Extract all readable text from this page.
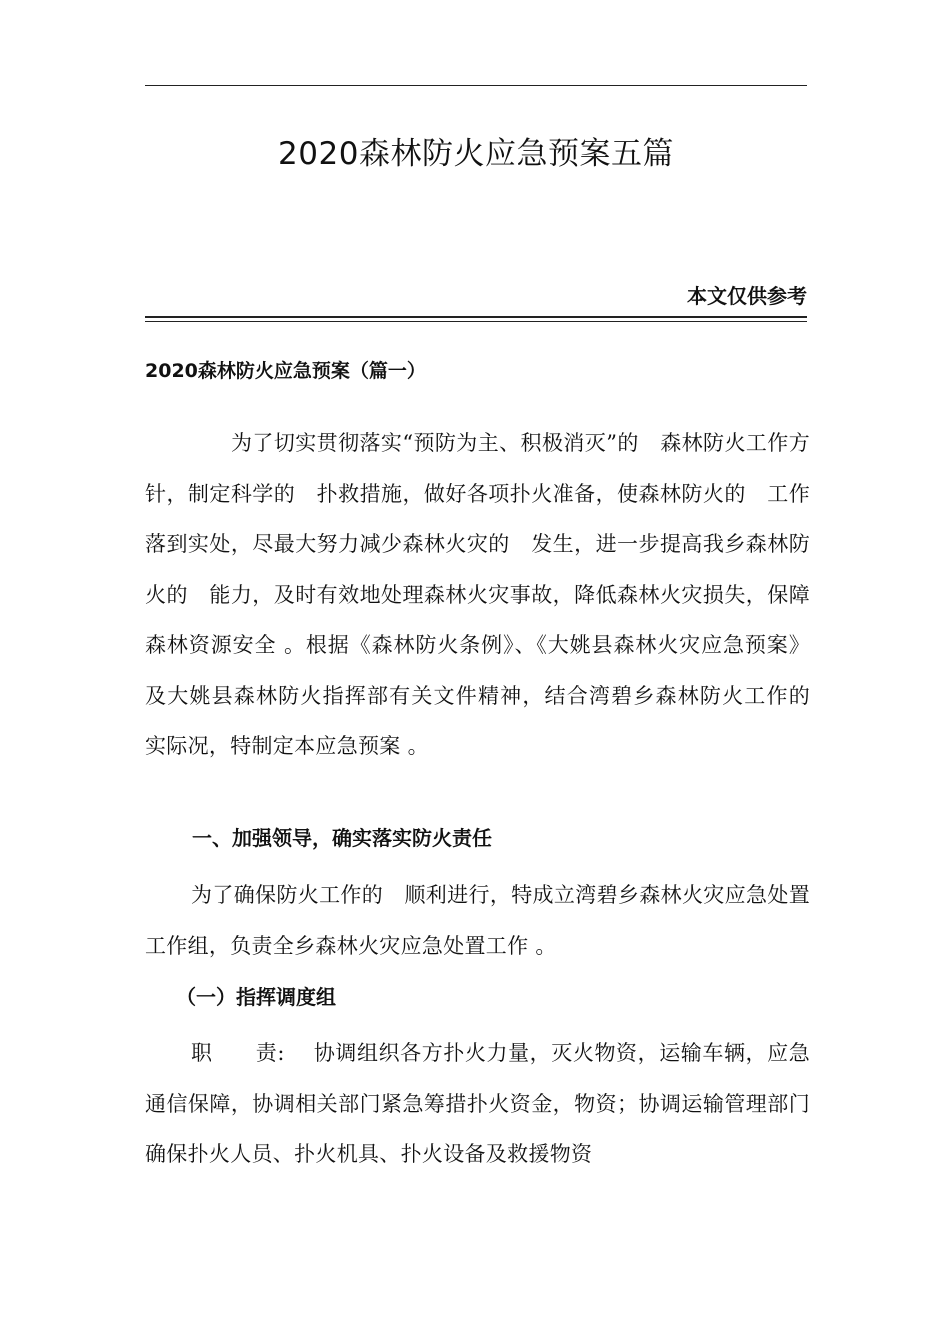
2020森林防火应急预案五篇
本文仅供参考
2020森林防火应急预案（篇一）

为了切实贯彻落实“预防为主、积极消灭”的　森林防火工作方针，制定科学的　扑救措施，做好各项扑火准备，使森林防火的　工作落到实处，尽最大努力减少森林火灾的　发生，进一步提高我乡森林防火的　能力，及时有效地处理森林火灾事故，降低森林火灾损失，保障森林资源安全 。根据《森林防火条例》、《大姚县森林火灾应急预案》及大姚县森林防火指挥部有关文件精神，结合湾碧乡森林防火工作的　实际况，特制定本应急预案 。

一、加强领导，确实落实防火责任

为了确保防火工作的　顺利进行，特成立湾碧乡森林火灾应急处置工作组，负责全乡森林火灾应急处置工作 。

（一）指挥调度组

职　　责:　 协调组织各方扑火力量，灭火物资，运输车辆，应急通信保障，协调相关部门紧急筹措扑火资金，物资；协调运输管理部门确保扑火人员、扑火机具、扑火设备及救援物资
